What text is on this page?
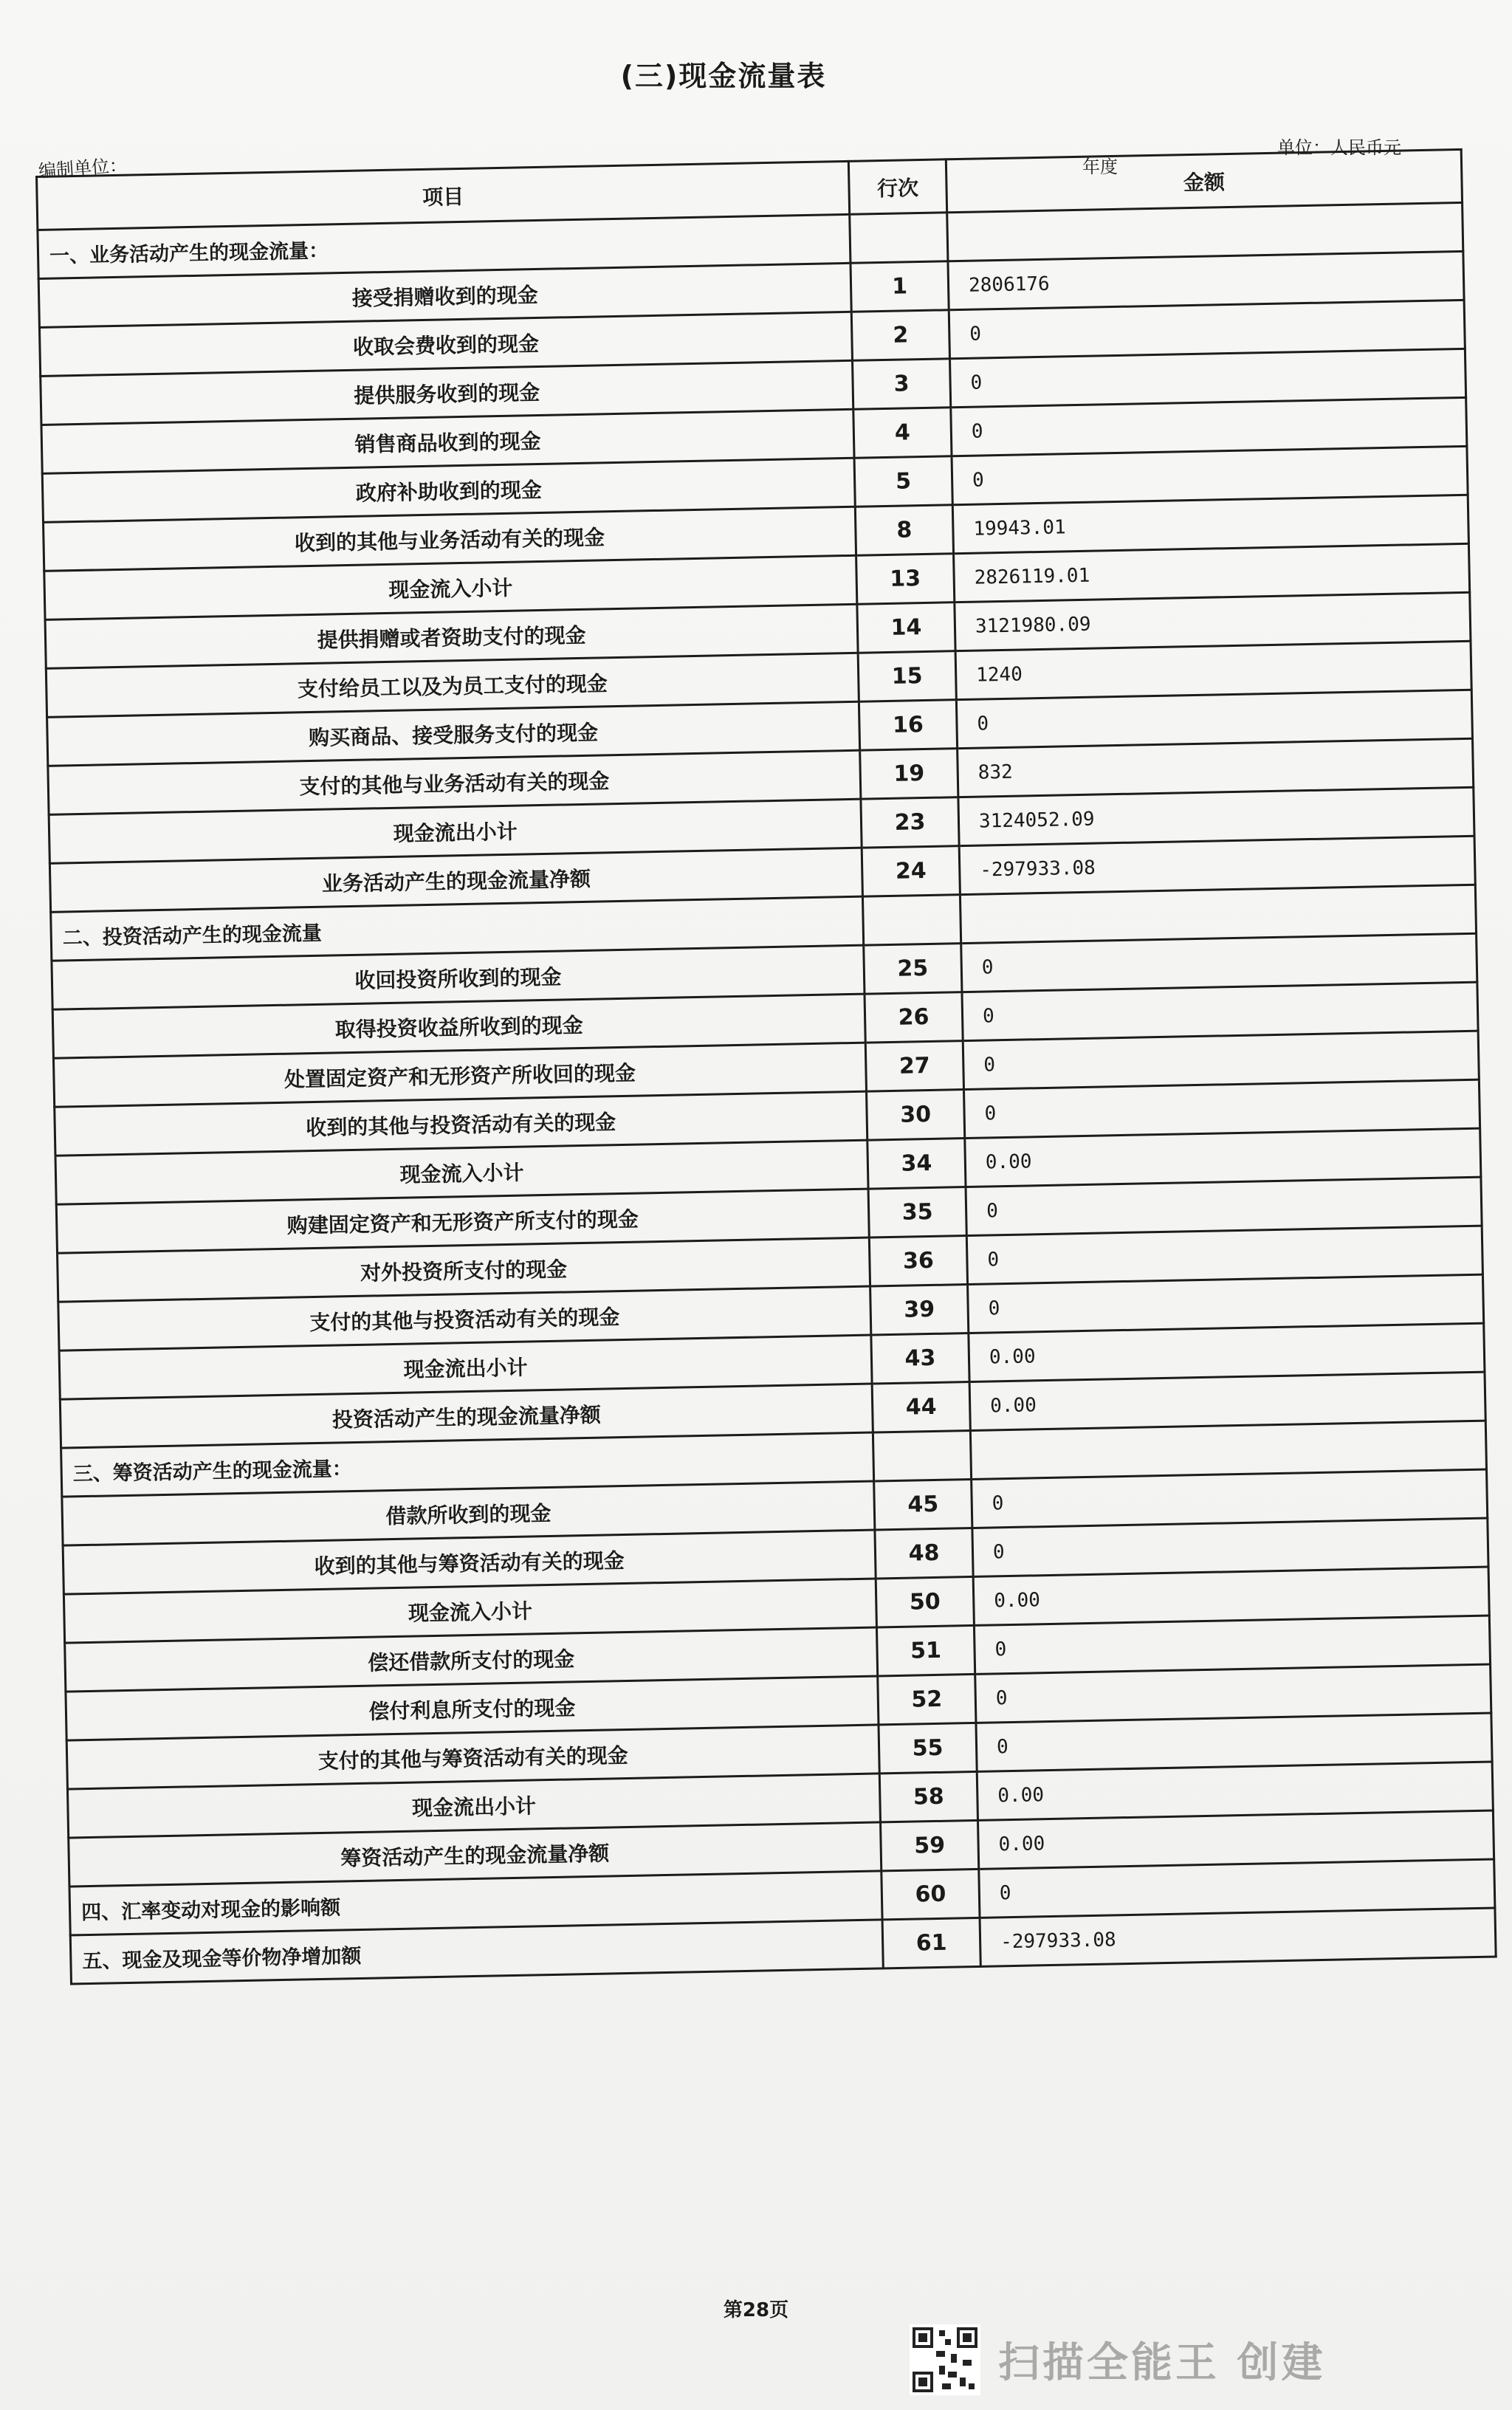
(三)现金流量表
编制单位：	年度
单位：人民币元
项目	行次	金额
一、业务活动产生的现金流量：		
接受捐赠收到的现金	1	2806176
收取会费收到的现金	2	0
提供服务收到的现金	3	0
销售商品收到的现金	4	0
政府补助收到的现金	5	0
收到的其他与业务活动有关的现金	8	19943.01
现金流入小计	13	2826119.01
提供捐赠或者资助支付的现金	14	3121980.09
支付给员工以及为员工支付的现金	15	1240
购买商品、接受服务支付的现金	16	0
支付的其他与业务活动有关的现金	19	832
现金流出小计	23	3124052.09
业务活动产生的现金流量净额	24	-297933.08
二、投资活动产生的现金流量		
收回投资所收到的现金	25	0
取得投资收益所收到的现金	26	0
处置固定资产和无形资产所收回的现金	27	0
收到的其他与投资活动有关的现金	30	0
现金流入小计	34	0.00
购建固定资产和无形资产所支付的现金	35	0
对外投资所支付的现金	36	0
支付的其他与投资活动有关的现金	39	0
现金流出小计	43	0.00
投资活动产生的现金流量净额	44	0.00
三、筹资活动产生的现金流量：		
借款所收到的现金	45	0
收到的其他与筹资活动有关的现金	48	0
现金流入小计	50	0.00
偿还借款所支付的现金	51	0
偿付利息所支付的现金	52	0
支付的其他与筹资活动有关的现金	55	0
现金流出小计	58	0.00
筹资活动产生的现金流量净额	59	0.00
四、汇率变动对现金的影响额	60	0
五、现金及现金等价物净增加额	61	-297933.08
第28页
扫描全能王 创建
